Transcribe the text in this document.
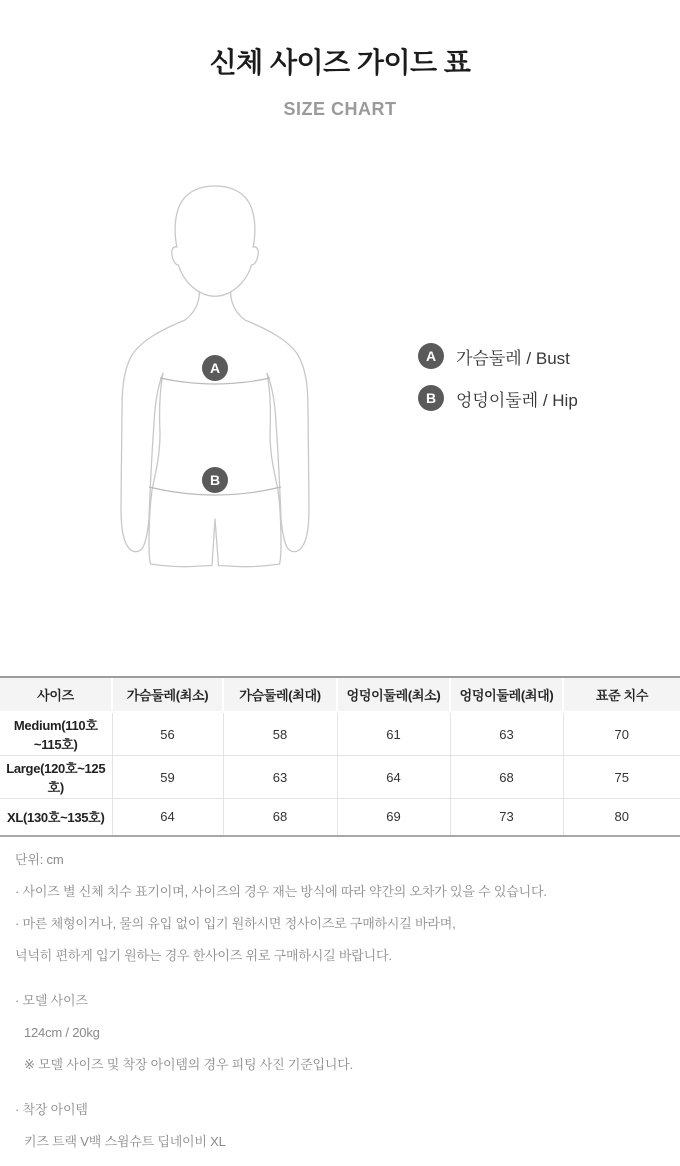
신체 사이즈 가이드 표
SIZE CHART
A
B
A	가슴둘레 / Bust
B	엉덩이둘레 / Hip
사이즈	가슴둘레(최소)	가슴둘레(최대)	엉덩이둘레(최소)	엉덩이둘레(최대)	표준 치수
Medium(110호~115호)	56	58	61	63	70
Large(120호~125호)	59	63	64	68	75
XL(130호~135호)	64	68	69	73	80

단위: cm

· 사이즈 별 신체 치수 표기이며, 사이즈의 경우 재는 방식에 따라 약간의 오차가 있을 수 있습니다.

· 마른 체형이거나, 물의 유입 없이 입기 원하시면 정사이즈로 구매하시길 바라며,

넉넉히 편하게 입기 원하는 경우 한사이즈 위로 구매하시길 바랍니다.

· 모델 사이즈

124cm / 20kg

※ 모델 사이즈 및 착장 아이템의 경우 피팅 사진 기준입니다.

· 착장 아이템

키즈 트랙 V백 스윔슈트 딥네이비 XL
